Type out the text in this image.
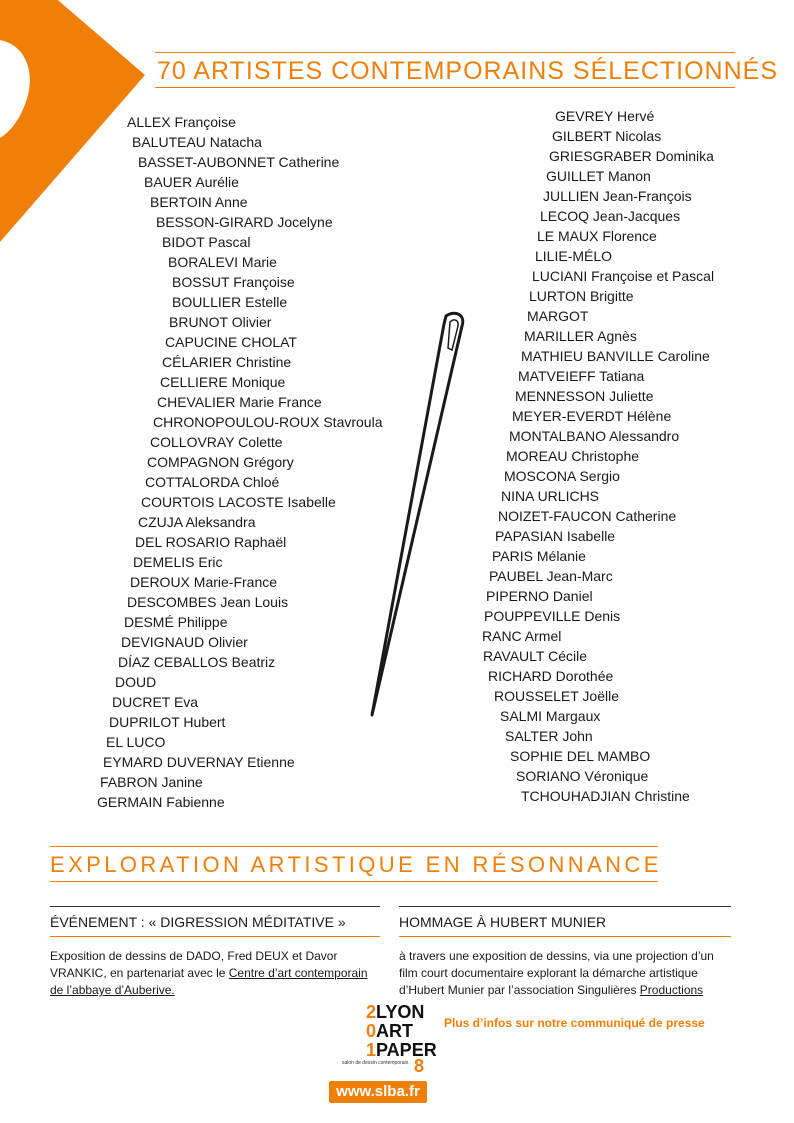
70 ARTISTES CONTEMPORAINS SÉLECTIONNÉS
ALLEX Françoise
BALUTEAU Natacha
BASSET-AUBONNET Catherine
BAUER Aurélie
BERTOIN Anne
BESSON-GIRARD Jocelyne
BIDOT Pascal
BORALEVI Marie
BOSSUT Françoise
BOULLIER Estelle
BRUNOT Olivier
CAPUCINE CHOLAT
CÉLARIER Christine
CELLIERE Monique
CHEVALIER Marie France
CHRONOPOULOU-ROUX Stavroula
COLLOVRAY Colette
COMPAGNON Grégory
COTTALORDA Chloé
COURTOIS LACOSTE Isabelle
CZUJA Aleksandra
DEL ROSARIO Raphaël
DEMELIS Eric
DEROUX Marie-France
DESCOMBES Jean Louis
DESMÉ Philippe
DEVIGNAUD Olivier
DÍAZ CEBALLOS Beatriz
DOUD
DUCRET Eva
DUPRILOT Hubert
EL LUCO
EYMARD DUVERNAY Etienne
FABRON Janine
GERMAIN Fabienne
GEVREY Hervé
GILBERT Nicolas
GRIESGRABER Dominika
GUILLET Manon
JULLIEN Jean-François
LECOQ Jean-Jacques
LE MAUX Florence
LILIE-MÉLO
LUCIANI Françoise et Pascal
LURTON Brigitte
MARGOT
MARILLER Agnès
MATHIEU BANVILLE Caroline
MATVEIEFF Tatiana
MENNESSON Juliette
MEYER-EVERDT Hélène
MONTALBANO Alessandro
MOREAU Christophe
MOSCONA Sergio
NINA URLICHS
NOIZET-FAUCON Catherine
PAPASIAN Isabelle
PARIS Mélanie
PAUBEL Jean-Marc
PIPERNO Daniel
POUPPEVILLE Denis
RANC Armel
RAVAULT Cécile
RICHARD Dorothée
ROUSSELET Joëlle
SALMI Margaux
SALTER John
SOPHIE DEL MAMBO
SORIANO Véronique
TCHOUHADJIAN Christine
EXPLORATION ARTISTIQUE EN RÉSONNANCE
ÉVÉNEMENT : « DIGRESSION MÉDITATIVE »
Exposition de dessins de DADO, Fred DEUX et Davor VRANKIC, en partenariat avec le Centre d’art contemporain de l’abbaye d’Auberive.
HOMMAGE À HUBERT MUNIER
à travers une exposition de dessins, via une projection d’un film court documentaire explorant la démarche artistique d’Hubert Munier par l’association Singulières Productions
2LYON
0ART
1PAPER
8
salon de dessin contemporain
www.slba.fr
Plus d’infos sur notre communiqué de presse
